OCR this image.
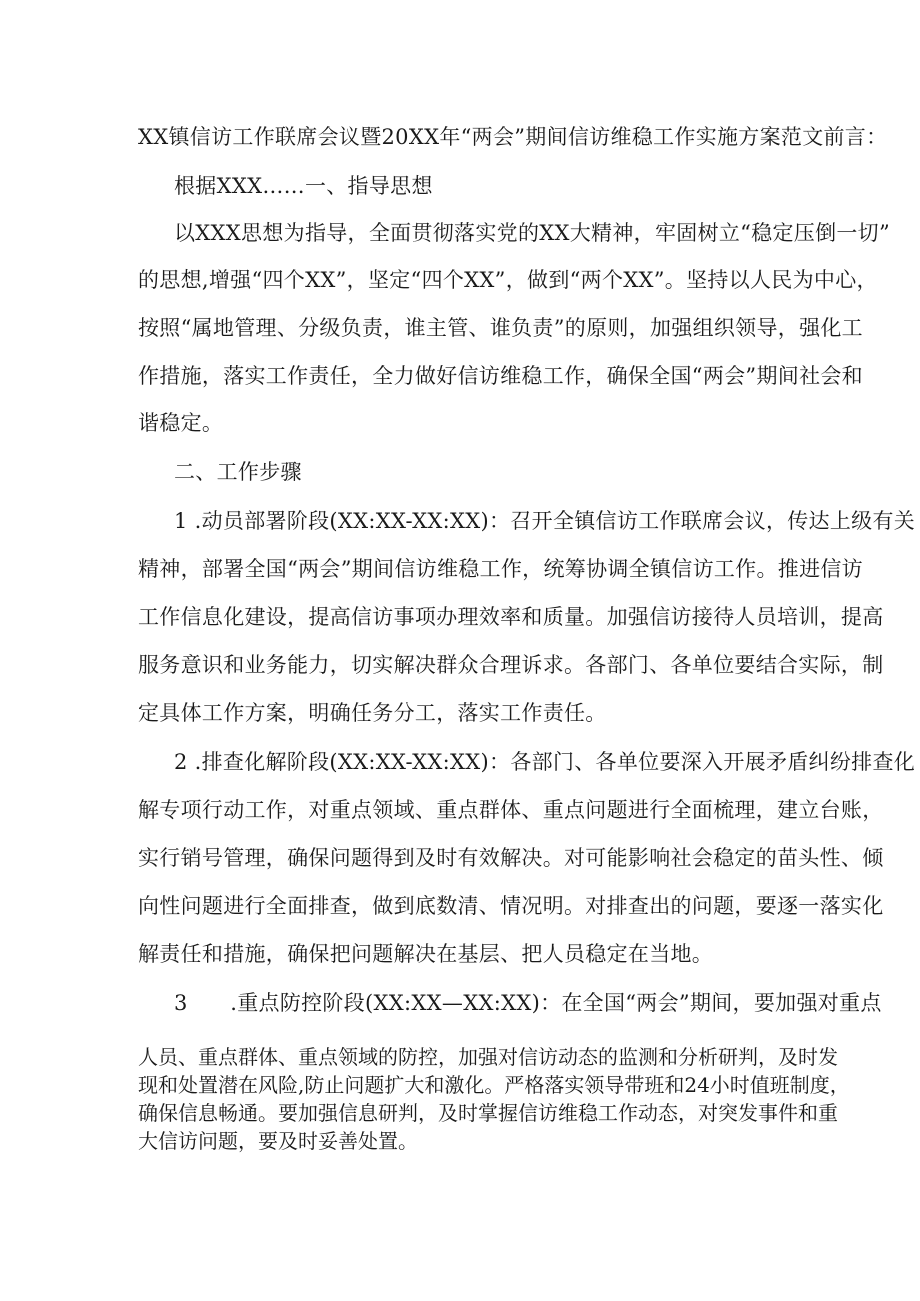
XX镇信访工作联席会议暨20XX年“两会”期间信访维稳工作实施方案范文前言：
根据XXX……一、指导思想
以XXX思想为指导，全面贯彻落实党的XX大精神，牢固树立“稳定压倒一切”
的思想,增强“四个XX”，坚定“四个XX”，做到“两个XX”。坚持以人民为中心，
按照“属地管理、分级负责，谁主管、谁负责”的原则，加强组织领导，强化工
作措施，落实工作责任，全力做好信访维稳工作，确保全国“两会”期间社会和
谐稳定。
二、工作步骤
1 .动员部署阶段(XX:XX-XX:XX)：召开全镇信访工作联席会议，传达上级有关
精神，部署全国“两会”期间信访维稳工作，统筹协调全镇信访工作。推进信访
工作信息化建设，提高信访事项办理效率和质量。加强信访接待人员培训，提高
服务意识和业务能力，切实解决群众合理诉求。各部门、各单位要结合实际，制
定具体工作方案，明确任务分工，落实工作责任。
2 .排查化解阶段(XX:XX-XX:XX)：各部门、各单位要深入开展矛盾纠纷排查化
解专项行动工作，对重点领域、重点群体、重点问题进行全面梳理，建立台账，
实行销号管理，确保问题得到及时有效解决。对可能影响社会稳定的苗头性、倾
向性问题进行全面排查，做到底数清、情况明。对排查出的问题，要逐一落实化
解责任和措施，确保把问题解决在基层、把人员稳定在当地。
3　　.重点防控阶段(XX:XX—XX:XX)：在全国“两会”期间，要加强对重点
人员、重点群体、重点领域的防控，加强对信访动态的监测和分析研判，及时发
现和处置潜在风险,防止问题扩大和激化。严格落实领导带班和24小时值班制度，
确保信息畅通。要加强信息研判，及时掌握信访维稳工作动态，对突发事件和重
大信访问题，要及时妥善处置。
